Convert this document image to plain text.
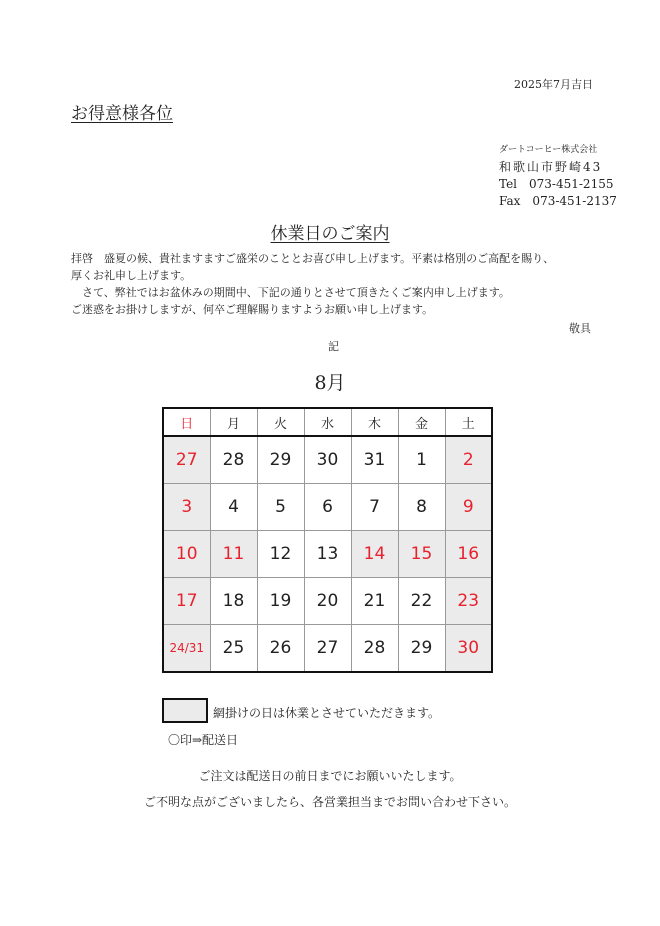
2025年7月吉日
お得意様各位
ダートコーヒー株式会社
和歌山市野崎43
Tel　073-451-2155
Fax　073-451-2137
休業日のご案内
拝啓　盛夏の候、貴社ますますご盛栄のこととお喜び申し上げます。平素は格別のご高配を賜り、
厚くお礼申し上げます。
　さて、弊社ではお盆休みの期間中、下記の通りとさせて頂きたくご案内申し上げます。
ご迷惑をお掛けしますが、何卒ご理解賜りますようお願い申し上げます。
敬具
記
8月
日	月	火	水	木	金	土
27	28	29	30	31	1	2
3	4	5	6	7	8	9
10	11	12	13	14	15	16
17	18	19	20	21	22	23
24/31	25	26	27	28	29	30
網掛けの日は休業とさせていただきます。
〇印⇒配送日
ご注文は配送日の前日までにお願いいたします。
ご不明な点がございましたら、各営業担当までお問い合わせ下さい。
